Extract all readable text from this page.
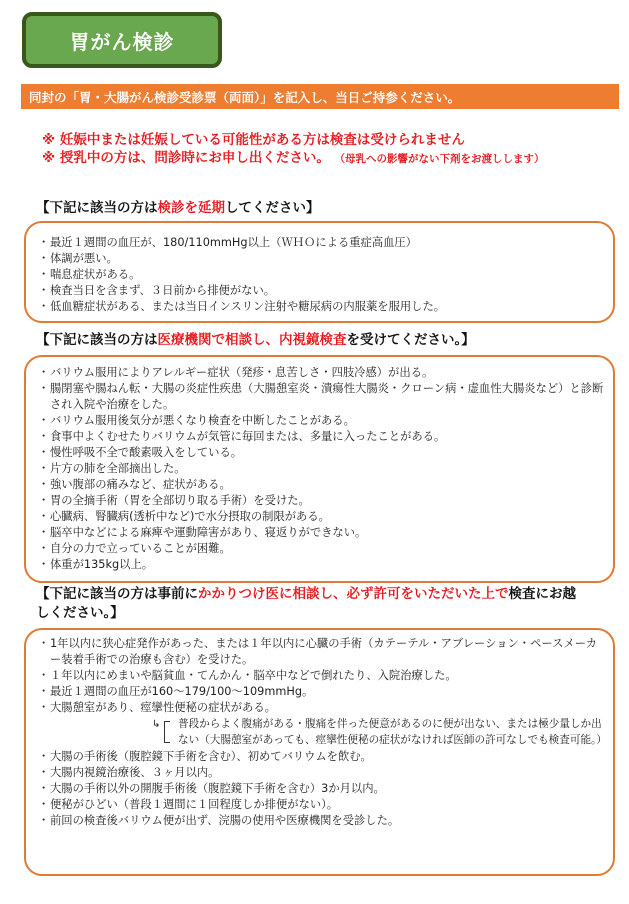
胃がん検診
同封の「胃・大腸がん検診受診票（両面）」を記入し、当日ご持参ください。
※ 妊娠中または妊娠している可能性がある方は検査は受けられません
※ 授乳中の方は、問診時にお申し出ください。 （母乳への影響がない下剤をお渡しします）
【下記に該当の方は検診を延期してください】
・最近１週間の血圧が、180/110mmHg以上（ＷＨＯによる重症高血圧）
・体調が悪い。
・喘息症状がある。
・検査当日を含まず、３日前から排便がない。
・低血糖症状がある、または当日インスリン注射や糖尿病の内服薬を服用した。
【下記に該当の方は医療機関で相談し、内視鏡検査を受けてください。】
・バリウム服用によりアレルギー症状（発疹・息苦しさ・四肢冷感）が出る。
・腸閉塞や腸ねん転・大腸の炎症性疾患（大腸憩室炎・潰瘍性大腸炎・クローン病・虚血性大腸炎など）と診断され入院や治療をした。
・バリウム服用後気分が悪くなり検査を中断したことがある。
・食事中よくむせたりバリウムが気管に毎回または、多量に入ったことがある。
・慢性呼吸不全で酸素吸入をしている。
・片方の肺を全部摘出した。
・強い腹部の痛みなど、症状がある。
・胃の全摘手術（胃を全部切り取る手術）を受けた。
・心臓病、腎臓病(透析中など)で水分摂取の制限がある。
・脳卒中などによる麻痺や運動障害があり、寝返りができない。
・自分の力で立っていることが困難。
・体重が135kg以上。
【下記に該当の方は事前にかかりつけ医に相談し、必ず許可をいただいた上で検査にお越しください。】
・1年以内に狭心症発作があった、または１年以内に心臓の手術（カテーテル・アブレーション・ペースメーカー装着手術での治療も含む）を受けた。
・１年以内にめまいや脳貧血・てんかん・脳卒中などで倒れたり、入院治療した。
・最近１週間の血圧が160～179/100～109mmHg。
・大腸憩室があり、痙攣性便秘の症状がある。
↳ 普段からよく腹痛がある・腹痛を伴った便意があるのに便が出ない、または極少量しか出ない（大腸憩室があっても、痙攣性便秘の症状がなければ医師の許可なしでも検査可能。）
・大腸の手術後（腹腔鏡下手術を含む）、初めてバリウムを飲む。
・大腸内視鏡治療後、３ヶ月以内。
・大腸の手術以外の開腹手術後（腹腔鏡下手術を含む）3か月以内。
・便秘がひどい（普段１週間に１回程度しか排便がない）。
・前回の検査後バリウム便が出ず、浣腸の使用や医療機関を受診した。
